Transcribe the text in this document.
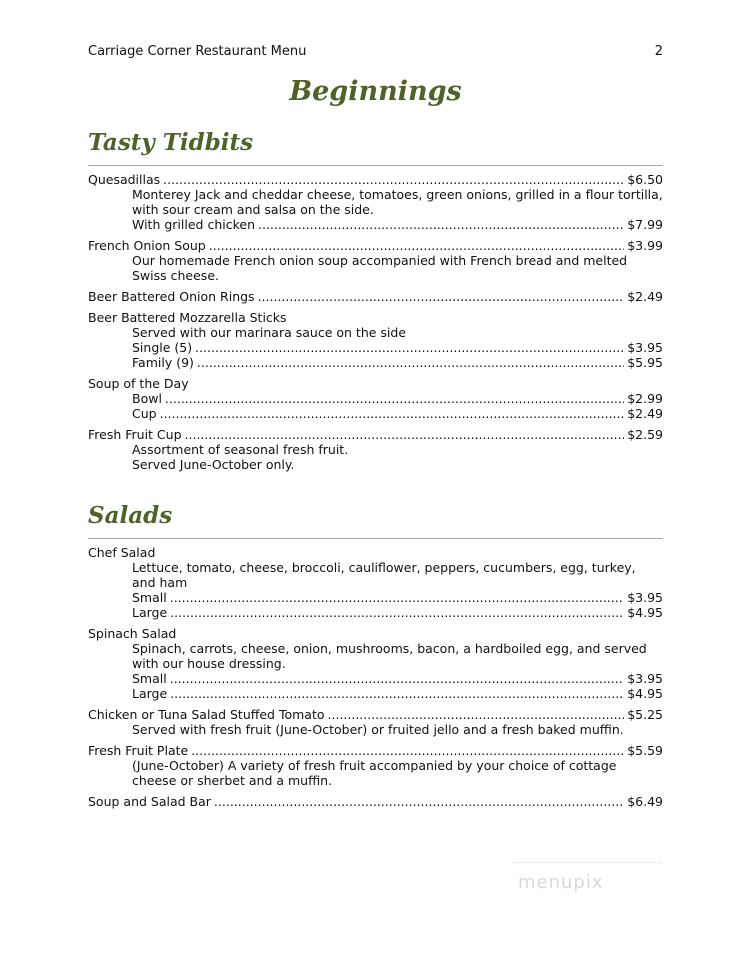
Carriage Corner Restaurant Menu	2
Beginnings
Tasty Tidbits
Quesadillas .....	$6.50
Monterey Jack and cheddar cheese, tomatoes, green onions, grilled in a flour tortilla, with sour cream and salsa on the side.
With grilled chicken .....	$7.99
French Onion Soup .....	$3.99
Our homemade French onion soup accompanied with French bread and melted Swiss cheese.
Beer Battered Onion Rings .....	$2.49
Beer Battered Mozzarella Sticks
Served with our marinara sauce on the side
Single (5) .....	$3.95
Family (9) .....	$5.95
Soup of the Day
Bowl .....	$2.99
Cup .....	$2.49
Fresh Fruit Cup .....	$2.59
Assortment of seasonal fresh fruit.
Served June-October only.
Salads
Chef Salad
Lettuce, tomato, cheese, broccoli, cauliflower, peppers, cucumbers, egg, turkey, and ham
Small .....	$3.95
Large .....	$4.95
Spinach Salad
Spinach, carrots, cheese, onion, mushrooms, bacon, a hardboiled egg, and served with our house dressing.
Small .....	$3.95
Large .....	$4.95
Chicken or Tuna Salad Stuffed Tomato .....	$5.25
Served with fresh fruit (June-October) or fruited jello and a fresh baked muffin.
Fresh Fruit Plate .....	$5.59
(June-October) A variety of fresh fruit accompanied by your choice of cottage cheese or sherbet and a muffin.
Soup and Salad Bar .....	$6.49
menupix
